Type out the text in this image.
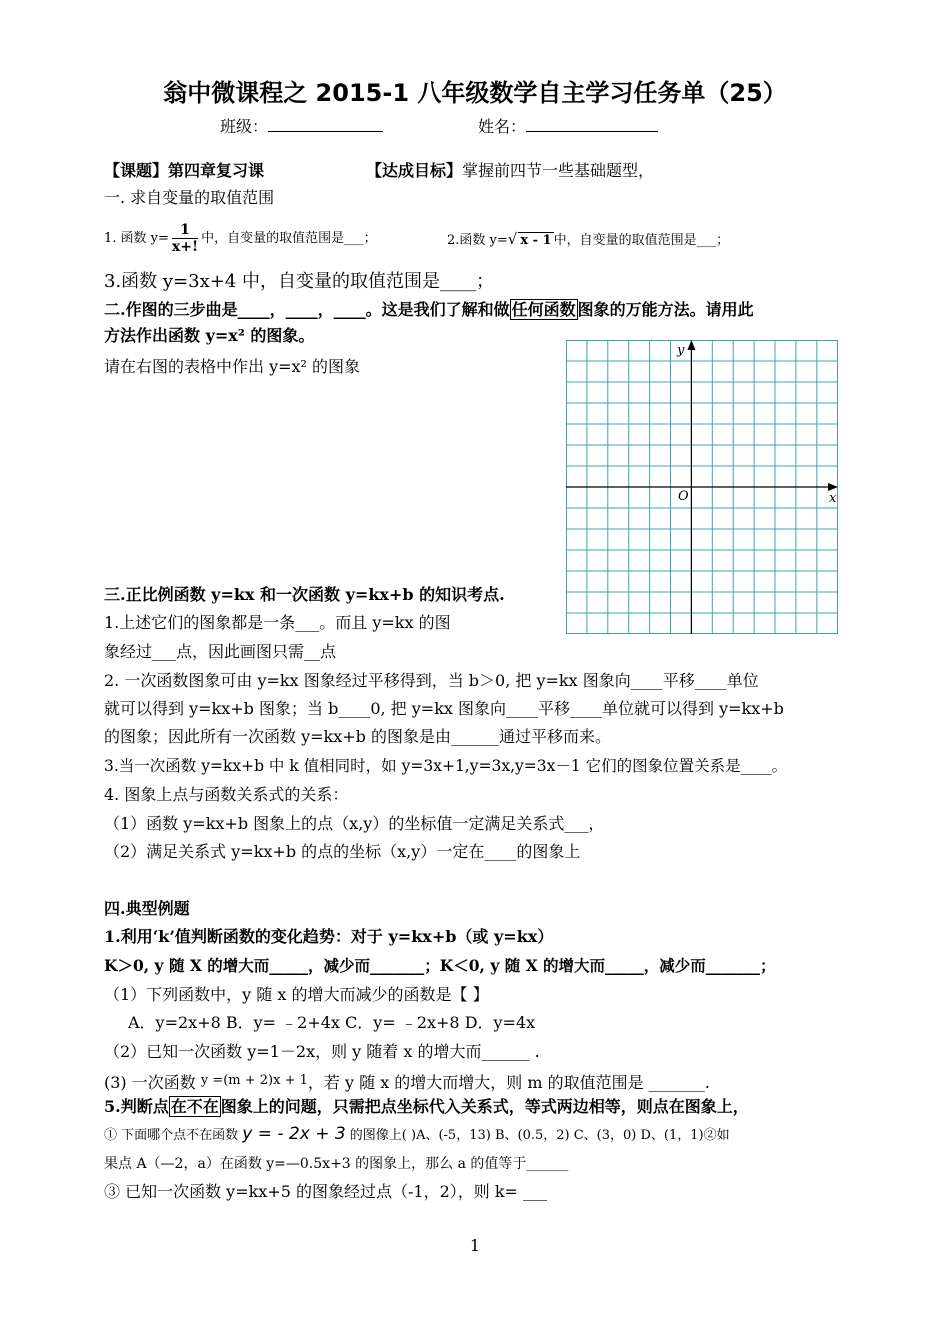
翁中微课程之 2015-1 八年级数学自主学习任务单（25）
班级：	姓名：
【课题】第四章复习课	【达成目标】掌握前四节一些基础题型，
一. 求自变量的取值范围
1. 函数 $y= \frac{1}{x+!}$ 中，自变量的取值范围是___；	2.函数 y=√ x - 1 中，自变量的取值范围是___；
3.函数 y=3x+4 中，自变量的取值范围是____；
二.作图的三步曲是____，____，____。这是我们了解和做 任何函数 图象的万能方法。请用此
方法作出函数 y=x² 的图象。
请在右图的表格中作出 y=x² 的图象
y
x
O
三.正比例函数 y=kx 和一次函数 y=kx+b 的知识考点.
1.上述它们的图象都是一条___。而且 y=kx 的图
象经过___点，因此画图只需__点
2. 一次函数图象可由 y=kx 图象经过平移得到，当 b＞0, 把 y=kx 图象向____平移____单位
就可以得到 y=kx+b 图象；当 b____0, 把 y=kx 图象向____平移____单位就可以得到 y=kx+b
的图象；因此所有一次函数 y=kx+b 的图象是由______通过平移而来。
3.当一次函数 y=kx+b 中 k 值相同时，如 y=3x+1,y=3x,y=3x－1 它们的图象位置关系是____。
4. 图象上点与函数关系式的关系：
（1）函数 y=kx+b 图象上的点（x,y）的坐标值一定满足关系式___，
（2）满足关系式 y=kx+b 的点的坐标（x,y）一定在____的图象上
四.典型例题
1.利用‘k’值判断函数的变化趋势：对于 y=kx+b（或 y=kx）
K＞0, y 随 X 的增大而_____，减少而_______；K＜0, y 随 X 的增大而_____，减少而_______；
（1）下列函数中，y 随 x 的增大而减少的函数是【 】
A．y=2x+8 B．y= ﹣2+4x C．y= ﹣2x+8 D．y=4x
（2）已知一次函数 y=1－2x，则 y 随着 x 的增大而______ .
(3) 一次函数 $^{y =(m + 2)x + 1}$，若 y 随 x 的增大而增大，则 m 的取值范围是 _______.
5.判断点 在不在 图象上的问题，只需把点坐标代入关系式，等式两边相等，则点在图象上，
① 下面哪个点不在函数 y = - 2x + 3 的图像上( )A、(-5，13) B、(0.5，2) C、(3，0) D、(1，1)②如
果点 A（—2，a）在函数 y=—0.5x+3 的图象上，那么 a 的值等于______
③ 已知一次函数 y=kx+5 的图象经过点（-1，2），则 k= ___
1
